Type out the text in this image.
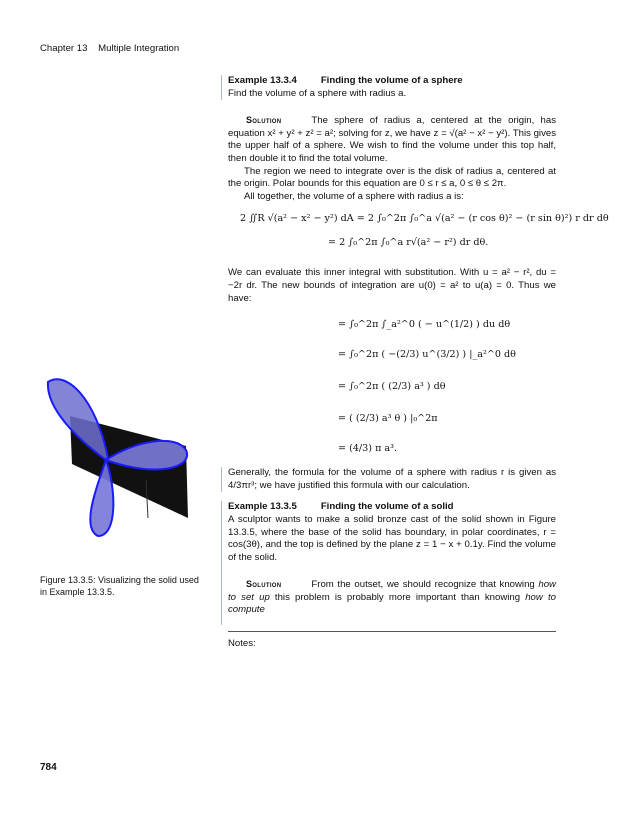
Chapter 13 Multiple Integration
Example 13.3.4	Finding the volume of a sphere

Find the volume of a sphere with radius a.

Solution	The sphere of radius a, centered at the origin, has equation x² + y² + z² = a²; solving for z, we have z = √(a² − x² − y²). This gives the upper half of a sphere. We wish to find the volume under this top half, then double it to find the total volume.

The region we need to integrate over is the disk of radius a, centered at the origin. Polar bounds for this equation are 0 ≤ r ≤ a, 0 ≤ θ ≤ 2π.

All together, the volume of a sphere with radius a is:

2 ∬R √(a² − x² − y²) dA = 2 ∫₀^2π ∫₀^a √(a² − (r cos θ)² − (r sin θ)²) r dr dθ
= 2 ∫₀^2π ∫₀^a r√(a² − r²) dr dθ.

We can evaluate this inner integral with substitution. With u = a² − r², du = −2r dr. The new bounds of integration are u(0) = a² to u(a) = 0. Thus we have:

= ∫₀^2π ∫_a²^0 ( − u^(1/2) ) du dθ
= ∫₀^2π ( −(2/3) u^(3/2) ) |_a²^0 dθ
= ∫₀^2π ( (2/3) a³ ) dθ
= ( (2/3) a³ θ ) |₀^2π
= (4/3) π a³.

Generally, the formula for the volume of a sphere with radius r is given as 4/3πr³; we have justified this formula with our calculation.

Example 13.3.5	Finding the volume of a solid

A sculptor wants to make a solid bronze cast of the solid shown in Figure 13.3.5, where the base of the solid has boundary, in polar coordinates, r = cos(3θ), and the top is defined by the plane z = 1 − x + 0.1y. Find the volume of the solid.

Solution	From the outset, we should recognize that knowing how to set up this problem is probably more important than knowing how to compute

Figure 13.3.5: Visualizing the solid used in Example 13.3.5.
Notes:
784
